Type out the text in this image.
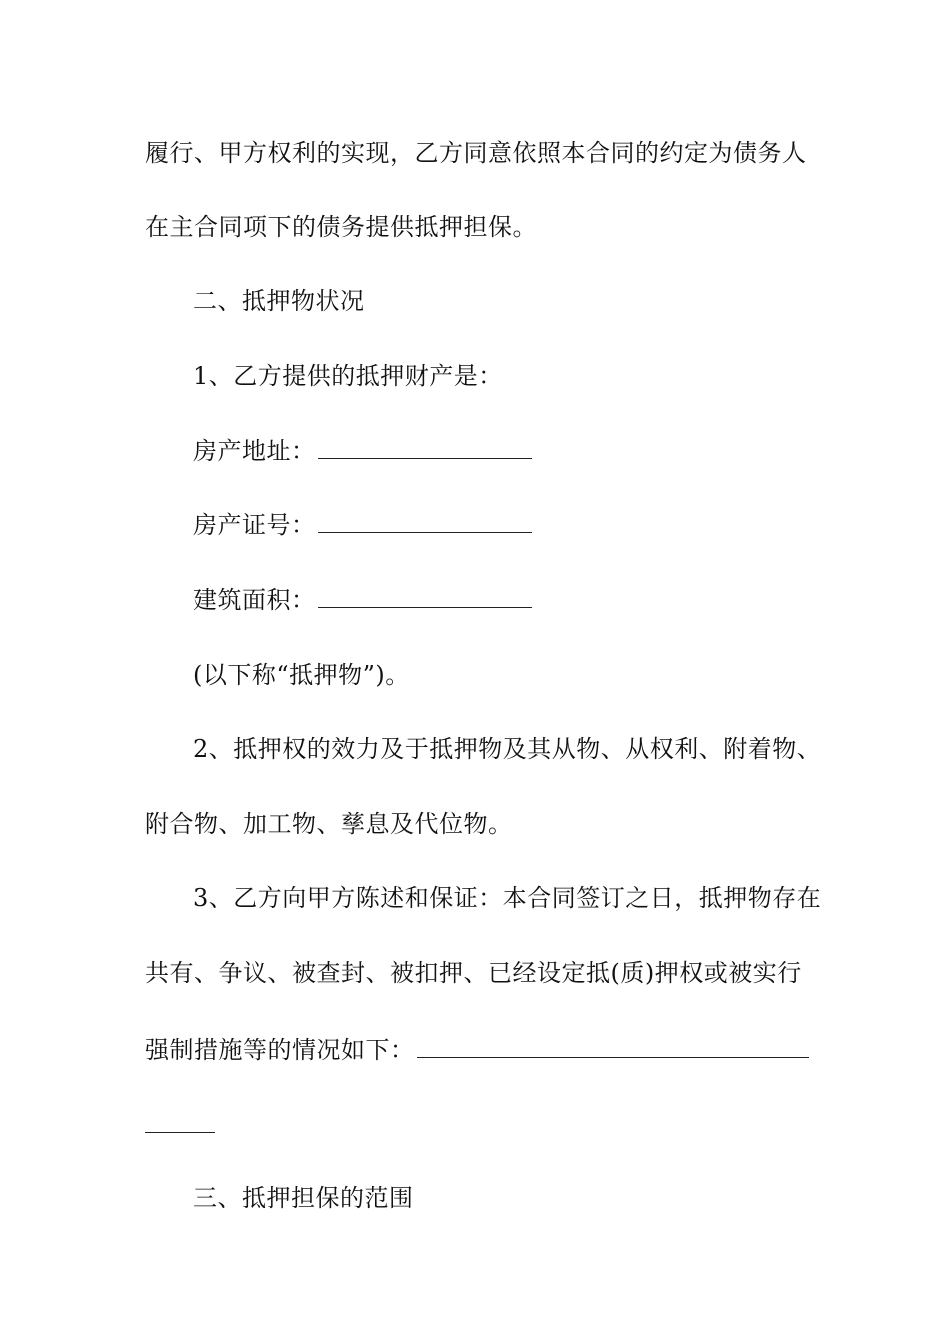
履行、甲方权利的实现，乙方同意依照本合同的约定为债务人
在主合同项下的债务提供抵押担保。
二、抵押物状况
1、乙方提供的抵押财产是：
房产地址：
房产证号：
建筑面积：
(以下称“抵押物”)。
2、抵押权的效力及于抵押物及其从物、从权利、附着物、
附合物、加工物、孳息及代位物。
3、乙方向甲方陈述和保证：本合同签订之日，抵押物存在
共有、争议、被查封、被扣押、已经设定抵(质)押权或被实行
强制措施等的情况如下：
三、抵押担保的范围
